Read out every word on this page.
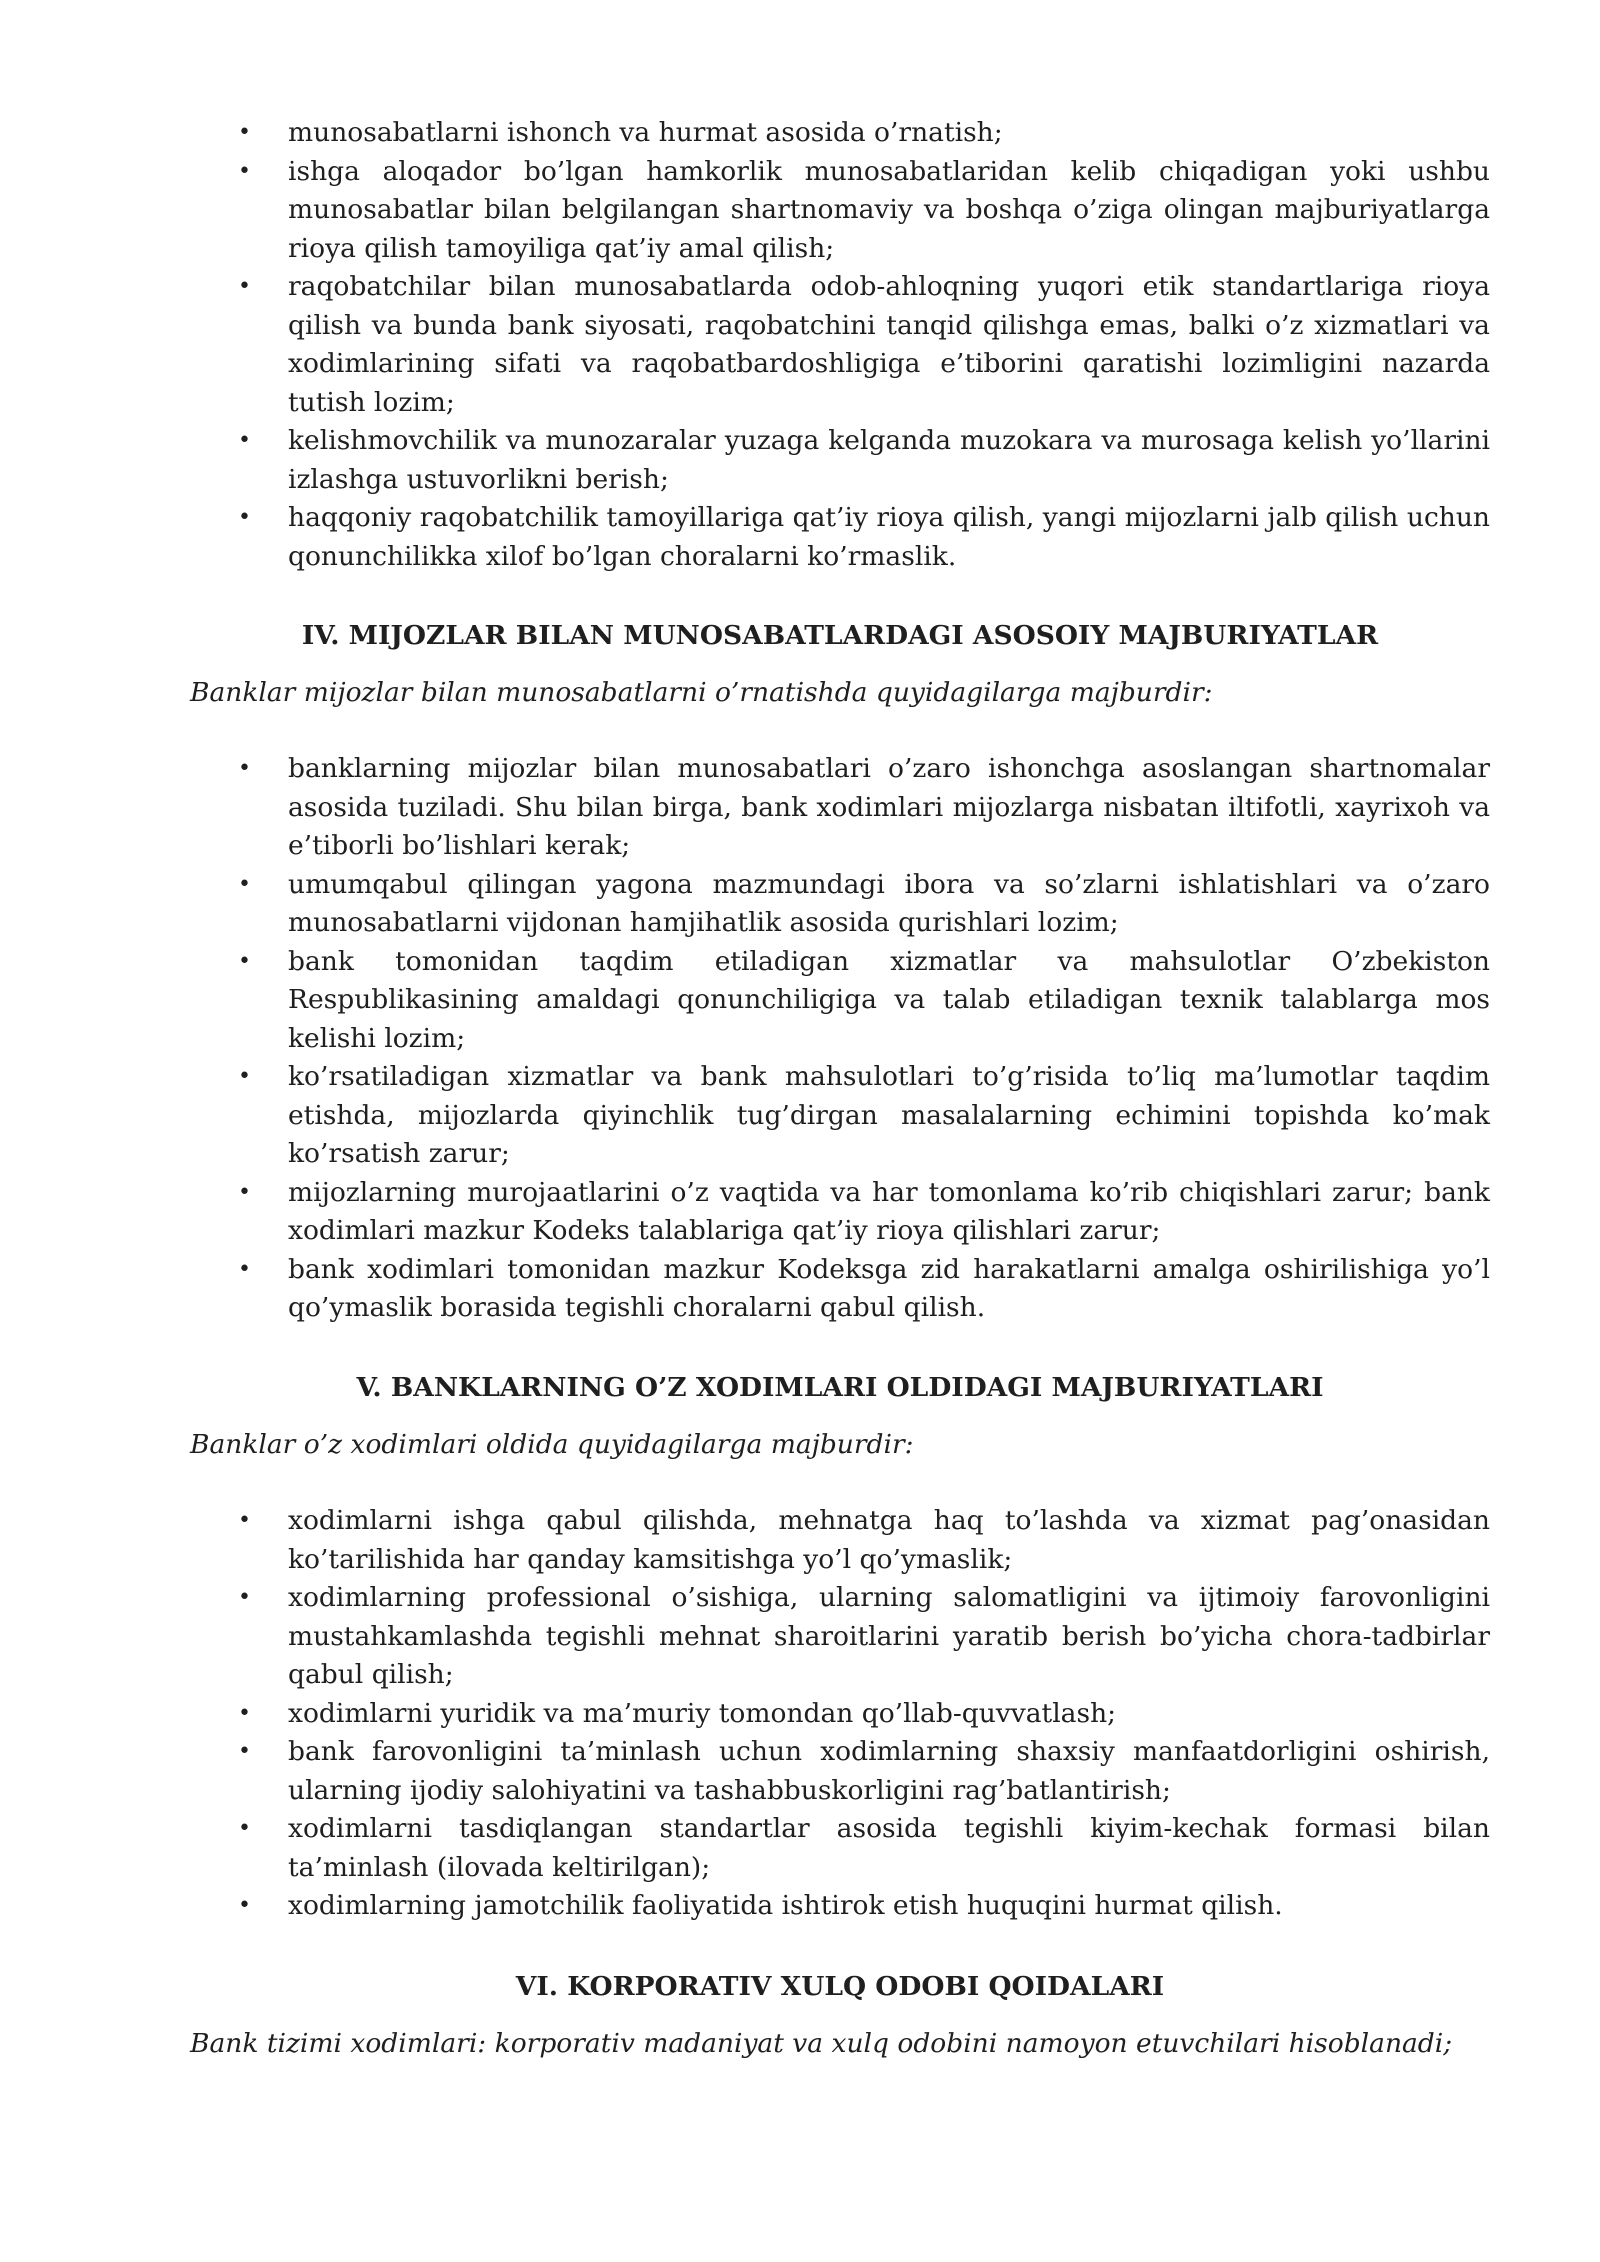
• munosabatlarni ishonch va hurmat asosida o’rnatish;
• ishga aloqador bo’lgan hamkorlik munosabatlaridan kelib chiqadigan yoki ushbu munosabatlar bilan belgilangan shartnomaviy va boshqa o’ziga olingan majburiyatlarga rioya qilish tamoyiliga qat’iy amal qilish;
• raqobatchilar bilan munosabatlarda odob-ahloqning yuqori etik standartlariga rioya qilish va bunda bank siyosati, raqobatchini tanqid qilishga emas, balki o’z xizmatlari va xodimlarining sifati va raqobatbardoshligiga e’tiborini qaratishi lozimligini nazarda tutish lozim;
• kelishmovchilik va munozaralar yuzaga kelganda muzokara va murosaga kelish yo’llarini izlashga ustuvorlikni berish;
• haqqoniy raqobatchilik tamoyillariga qat’iy rioya qilish, yangi mijozlarni jalb qilish uchun qonunchilikka xilof bo’lgan choralarni ko’rmaslik.
IV. MIJOZLAR BILAN MUNOSABATLARDAGI ASOSOIY MAJBURIYATLAR

Banklar mijozlar bilan munosabatlarni o’rnatishda quyidagilarga majburdir:

• banklarning mijozlar bilan munosabatlari o’zaro ishonchga asoslangan shartnomalar asosida tuziladi. Shu bilan birga, bank xodimlari mijozlarga nisbatan iltifotli, xayrixoh va e’tiborli bo’lishlari kerak;
• umumqabul qilingan yagona mazmundagi ibora va so’zlarni ishlatishlari va o’zaro munosabatlarni vijdonan hamjihatlik asosida qurishlari lozim;
• bank tomonidan taqdim etiladigan xizmatlar va mahsulotlar O’zbekiston Respublikasining amaldagi qonunchiligiga va talab etiladigan texnik talablarga mos kelishi lozim;
• ko’rsatiladigan xizmatlar va bank mahsulotlari to’g’risida to’liq ma’lumotlar taqdim etishda, mijozlarda qiyinchlik tug’dirgan masalalarning echimini topishda ko’mak ko’rsatish zarur;
• mijozlarning murojaatlarini o’z vaqtida va har tomonlama ko’rib chiqishlari zarur; bank xodimlari mazkur Kodeks talablariga qat’iy rioya qilishlari zarur;
• bank xodimlari tomonidan mazkur Kodeksga zid harakatlarni amalga oshirilishiga yo’l qo’ymaslik borasida tegishli choralarni qabul qilish.
V. BANKLARNING O’Z XODIMLARI OLDIDAGI MAJBURIYATLARI

Banklar o’z xodimlari oldida quyidagilarga majburdir:

• xodimlarni ishga qabul qilishda, mehnatga haq to’lashda va xizmat pag’onasidan ko’tarilishida har qanday kamsitishga yo’l qo’ymaslik;
• xodimlarning professional o’sishiga, ularning salomatligini va ijtimoiy farovonligini mustahkamlashda tegishli mehnat sharoitlarini yaratib berish bo’yicha chora-tadbirlar qabul qilish;
• xodimlarni yuridik va ma’muriy tomondan qo’llab-quvvatlash;
• bank farovonligini ta’minlash uchun xodimlarning shaxsiy manfaatdorligini oshirish, ularning ijodiy salohiyatini va tashabbuskorligini rag’batlantirish;
• xodimlarni tasdiqlangan standartlar asosida tegishli kiyim-kechak formasi bilan ta’minlash (ilovada keltirilgan);
• xodimlarning jamotchilik faoliyatida ishtirok etish huquqini hurmat qilish.
VI. KORPORATIV XULQ ODOBI QOIDALARI

Bank tizimi xodimlari: korporativ madaniyat va xulq odobini namoyon etuvchilari hisoblanadi;
